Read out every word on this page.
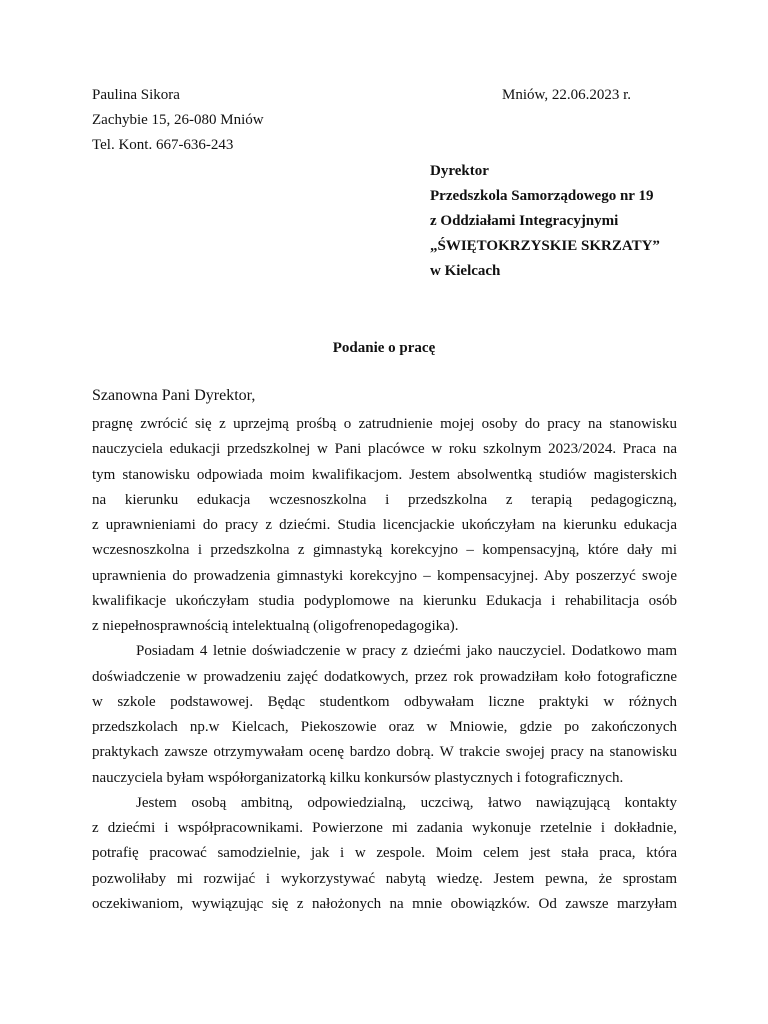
Paulina Sikora
Zachybie 15, 26-080 Mniów
Tel. Kont. 667-636-243
Mniów, 22.06.2023 r.
Dyrektor
Przedszkola Samorządowego nr 19
z Oddziałami Integracyjnymi
„ŚWIĘTOKRZYSKIE SKRZATY”
w Kielcach
Podanie o pracę
Szanowna Pani Dyrektor,
pragnę zwrócić się z uprzejmą prośbą o zatrudnienie mojej osoby do pracy na stanowisku
nauczyciela edukacji przedszkolnej w Pani placówce w roku szkolnym 2023/2024. Praca na
tym stanowisku odpowiada moim kwalifikacjom. Jestem absolwentką studiów magisterskich
na kierunku edukacja wczesnoszkolna i przedszkolna z terapią pedagogiczną,
z uprawnieniami do pracy z dziećmi. Studia licencjackie ukończyłam na kierunku edukacja
wczesnoszkolna i przedszkolna z gimnastyką korekcyjno – kompensacyjną, które dały mi
uprawnienia do prowadzenia gimnastyki korekcyjno – kompensacyjnej. Aby poszerzyć swoje
kwalifikacje ukończyłam studia podyplomowe na kierunku Edukacja i rehabilitacja osób
z niepełnosprawnością intelektualną (oligofrenopedagogika).
Posiadam 4 letnie doświadczenie w pracy z dziećmi jako nauczyciel. Dodatkowo mam
doświadczenie w prowadzeniu zajęć dodatkowych, przez rok prowadziłam koło fotograficzne
w szkole podstawowej. Będąc studentkom odbywałam liczne praktyki w różnych
przedszkolach np.w Kielcach, Piekoszowie oraz w Mniowie, gdzie po zakończonych
praktykach zawsze otrzymywałam ocenę bardzo dobrą. W trakcie swojej pracy na stanowisku
nauczyciela byłam współorganizatorką kilku konkursów plastycznych i fotograficznych.
Jestem osobą ambitną, odpowiedzialną, uczciwą, łatwo nawiązującą kontakty
z dziećmi i współpracownikami. Powierzone mi zadania wykonuje rzetelnie i dokładnie,
potrafię pracować samodzielnie, jak i w zespole. Moim celem jest stała praca, która
pozwoliłaby mi rozwijać i wykorzystywać nabytą wiedzę. Jestem pewna, że sprostam
oczekiwaniom, wywiązując się z nałożonych na mnie obowiązków. Od zawsze marzyłam
